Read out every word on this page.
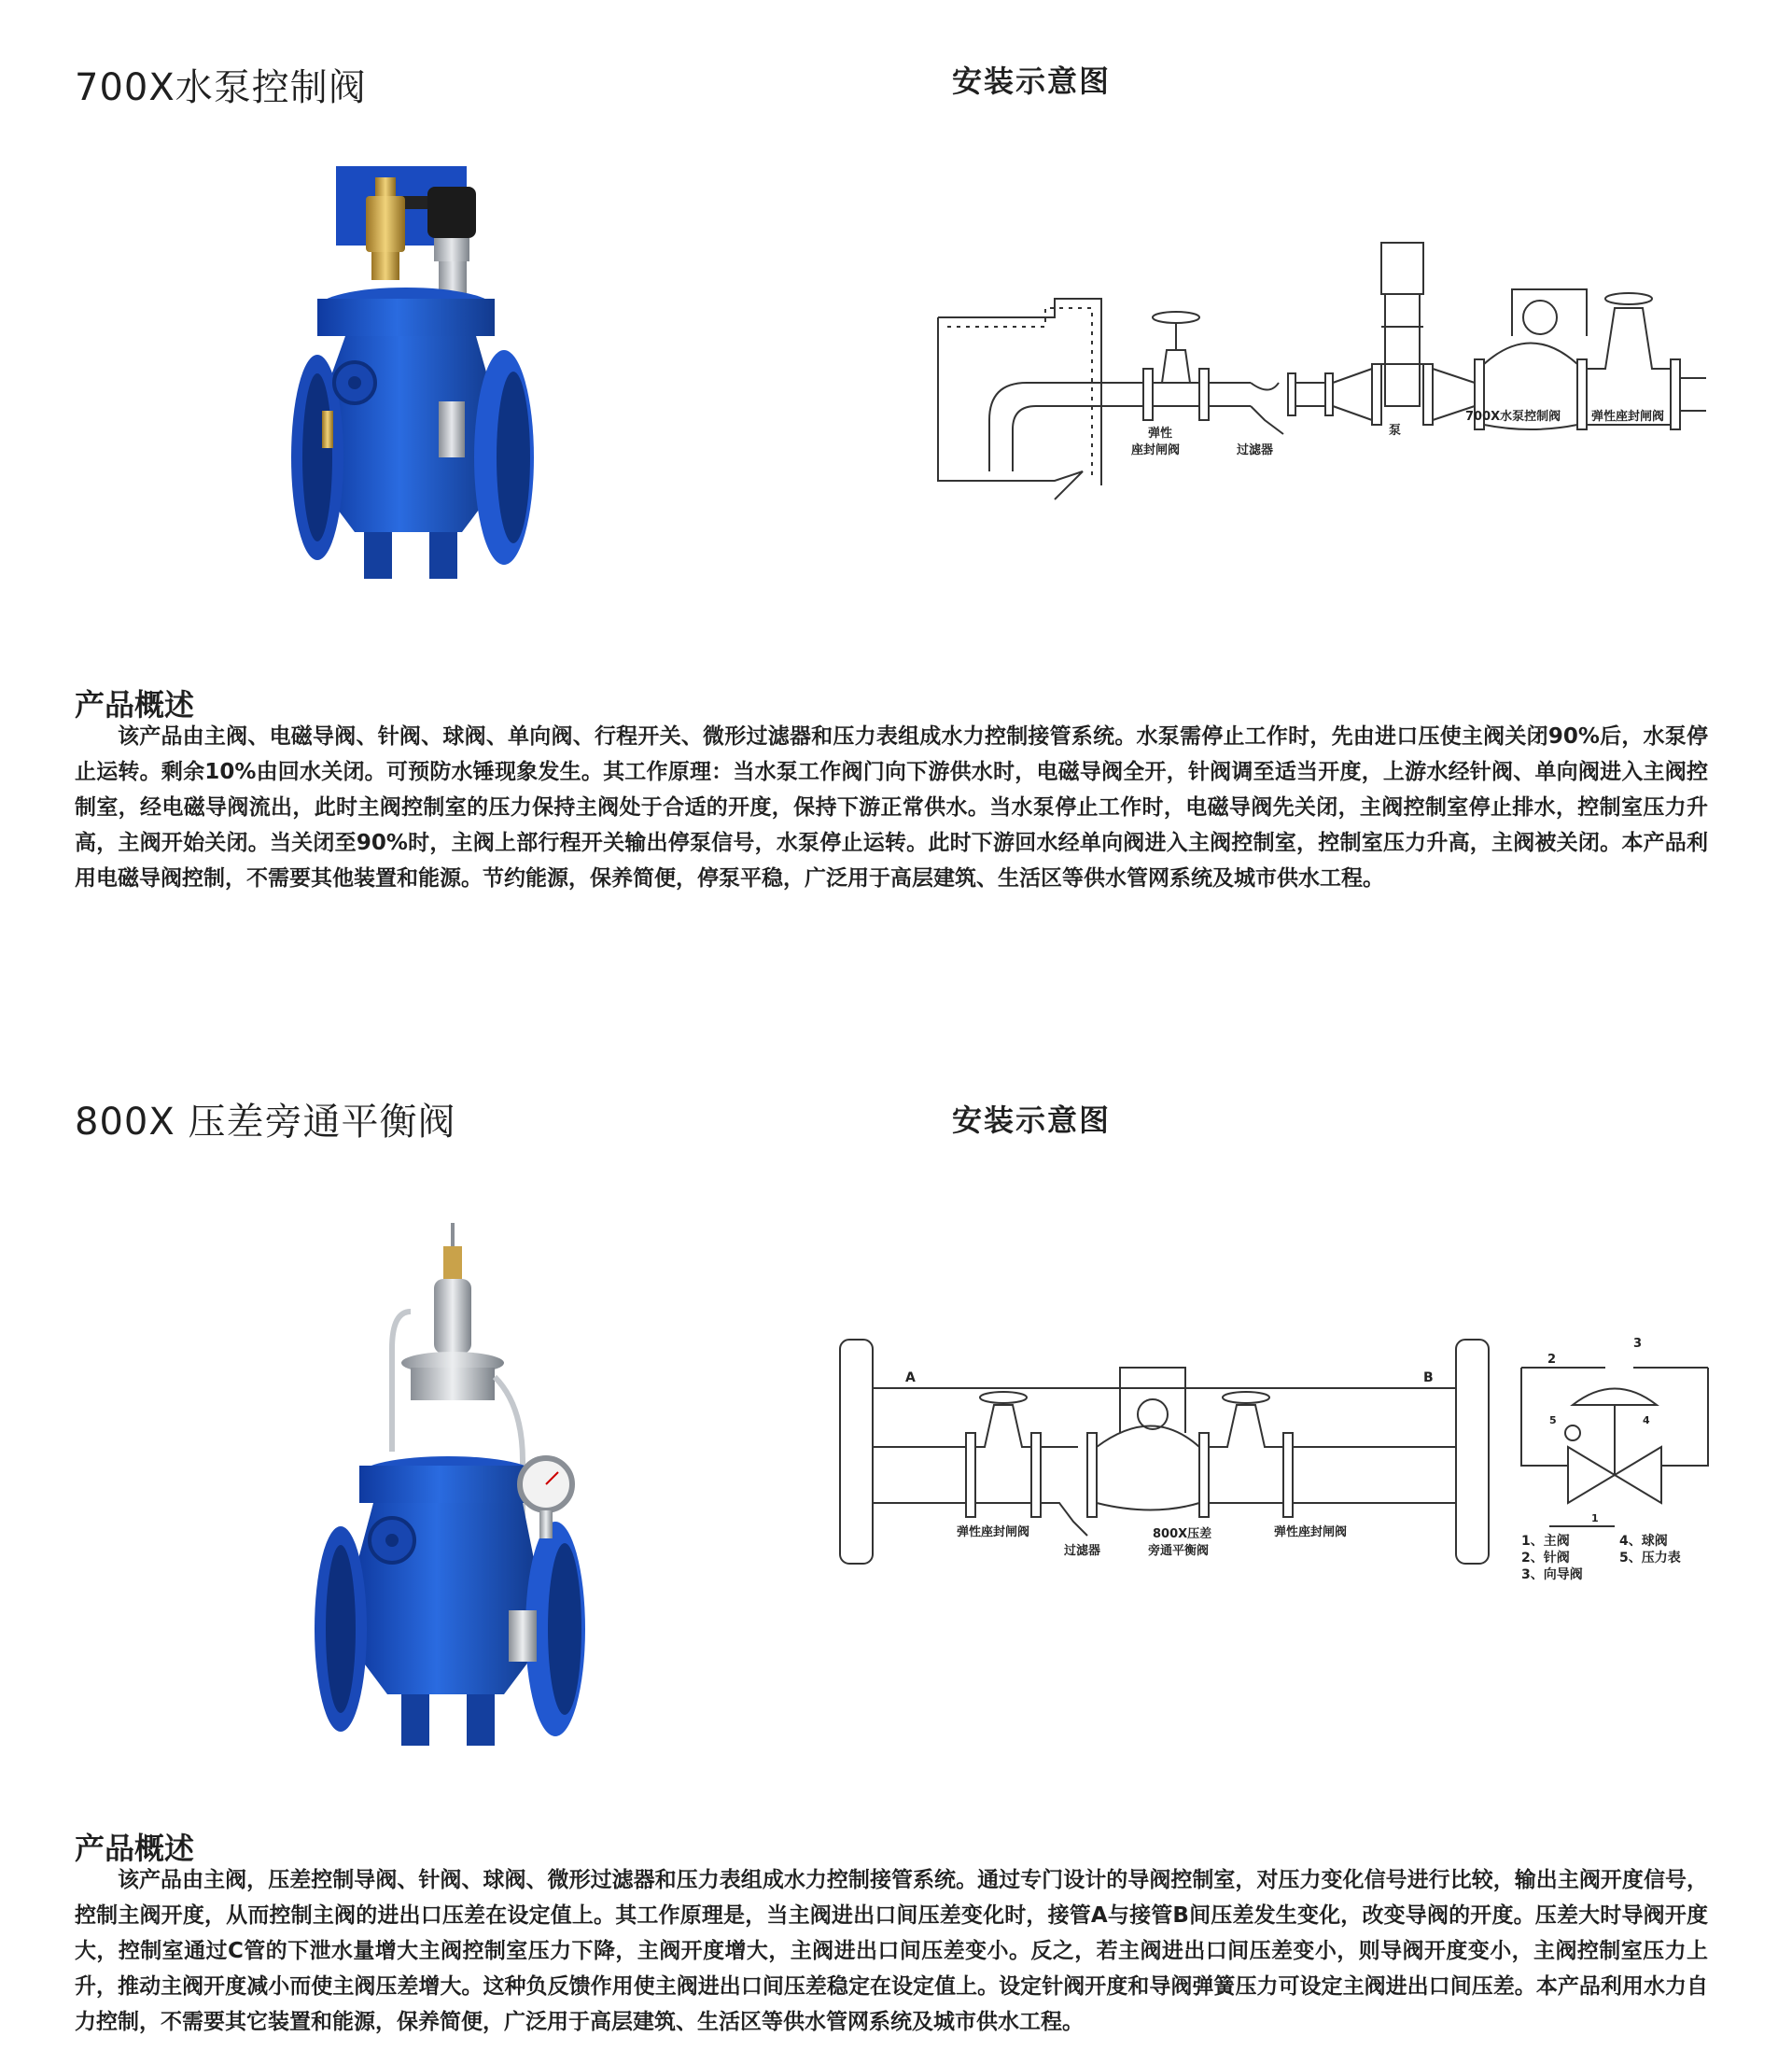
700X水泵控制阀	安装示意图
弹性
座封闸阀	过滤器
泵
700X水泵控制阀	弹性座封闸阀
产品概述

该产品由主阀、电磁导阀、针阀、球阀、单向阀、行程开关、微形过滤器和压力表组成水力控制接管系统。水泵需停止工作时，先由进口压使主阀关闭90%后，水泵停止运转。剩余10%由回水关闭。可预防水锤现象发生。其工作原理：当水泵工作阀门向下游供水时，电磁导阀全开，针阀调至适当开度，上游水经针阀、单向阀进入主阀控制室，经电磁导阀流出，此时主阀控制室的压力保持主阀处于合适的开度，保持下游正常供水。当水泵停止工作时，电磁导阀先关闭，主阀控制室停止排水，控制室压力升高，主阀开始关闭。当关闭至90%时，主阀上部行程开关输出停泵信号，水泵停止运转。此时下游回水经单向阀进入主阀控制室，控制室压力升高，主阀被关闭。本产品利用电磁导阀控制，不需要其他装置和能源。节约能源，保养简便，停泵平稳，广泛用于高层建筑、生活区等供水管网系统及城市供水工程。

800X 压差旁通平衡阀	安装示意图
A	B
弹性座封闸阀
过滤器
800X压差
旁通平衡阀
弹性座封闸阀
2
3
4
5
1
1、主阀
2、针阀
3、向导阀
4、球阀
5、压力表
产品概述

该产品由主阀，压差控制导阀、针阀、球阀、微形过滤器和压力表组成水力控制接管系统。通过专门设计的导阀控制室，对压力变化信号进行比较，输出主阀开度信号，控制主阀开度，从而控制主阀的进出口压差在设定值上。其工作原理是，当主阀进出口间压差变化时，接管A与接管B间压差发生变化，改变导阀的开度。压差大时导阀开度大，控制室通过C管的下泄水量增大主阀控制室压力下降，主阀开度增大，主阀进出口间压差变小。反之，若主阀进出口间压差变小，则导阀开度变小，主阀控制室压力上升，推动主阀开度减小而使主阀压差增大。这种负反馈作用使主阀进出口间压差稳定在设定值上。设定针阀开度和导阀弹簧压力可设定主阀进出口间压差。本产品利用水力自力控制，不需要其它装置和能源，保养简便，广泛用于高层建筑、生活区等供水管网系统及城市供水工程。
